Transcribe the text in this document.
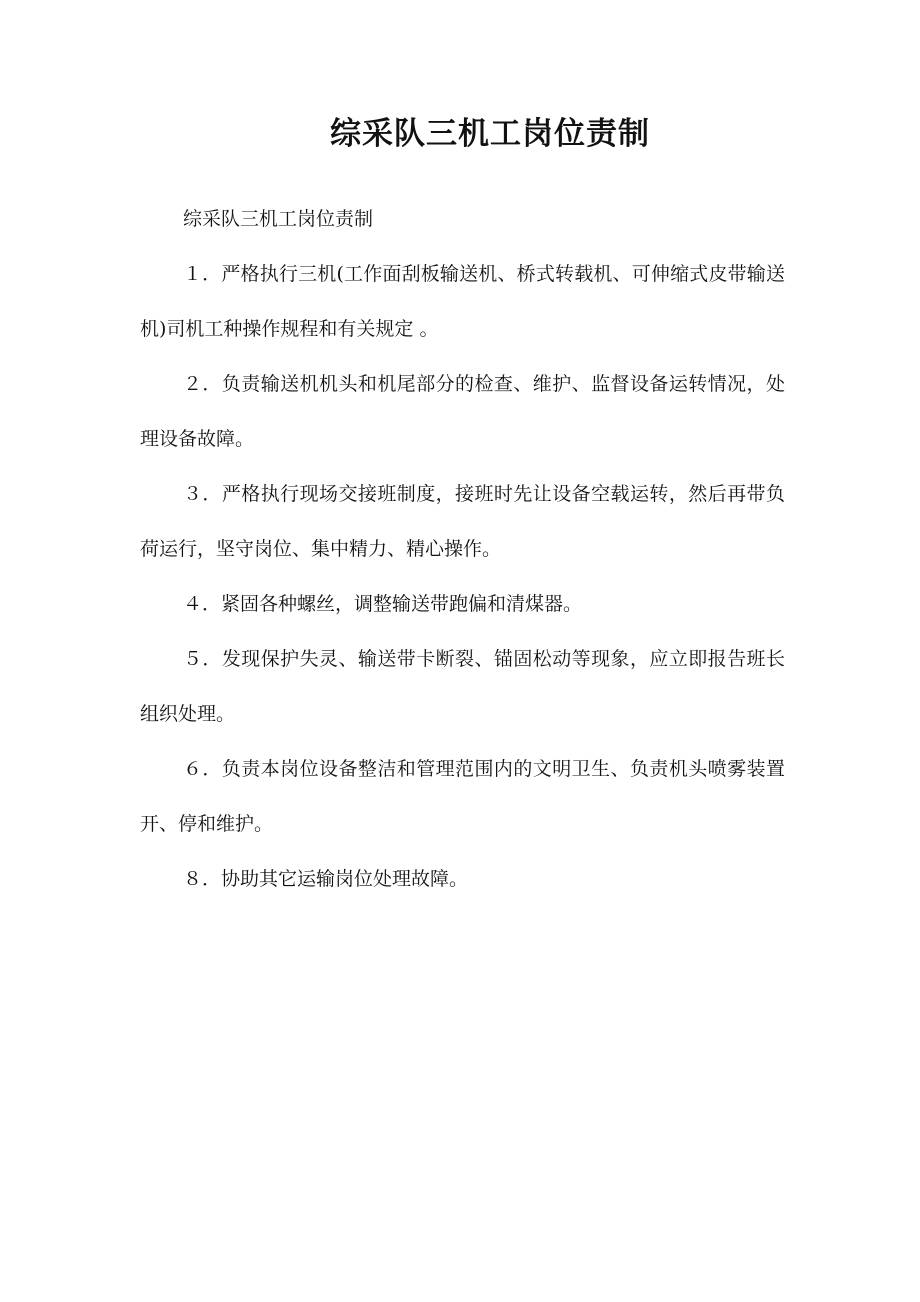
综采队三机工岗位责制

综采队三机工岗位责制

１．严格执行三机(工作面刮板输送机、桥式转载机、可伸缩式皮带输送机)司机工种操作规程和有关规定 。

２．负责输送机机头和机尾部分的检查、维护、监督设备运转情况，处理设备故障。

３．严格执行现场交接班制度，接班时先让设备空载运转，然后再带负荷运行，坚守岗位、集中精力、精心操作。

４．紧固各种螺丝，调整输送带跑偏和清煤器。

５．发现保护失灵、输送带卡断裂、锚固松动等现象，应立即报告班长组织处理。

６．负责本岗位设备整洁和管理范围内的文明卫生、负责机头喷雾装置开、停和维护。

８．协助其它运输岗位处理故障。
